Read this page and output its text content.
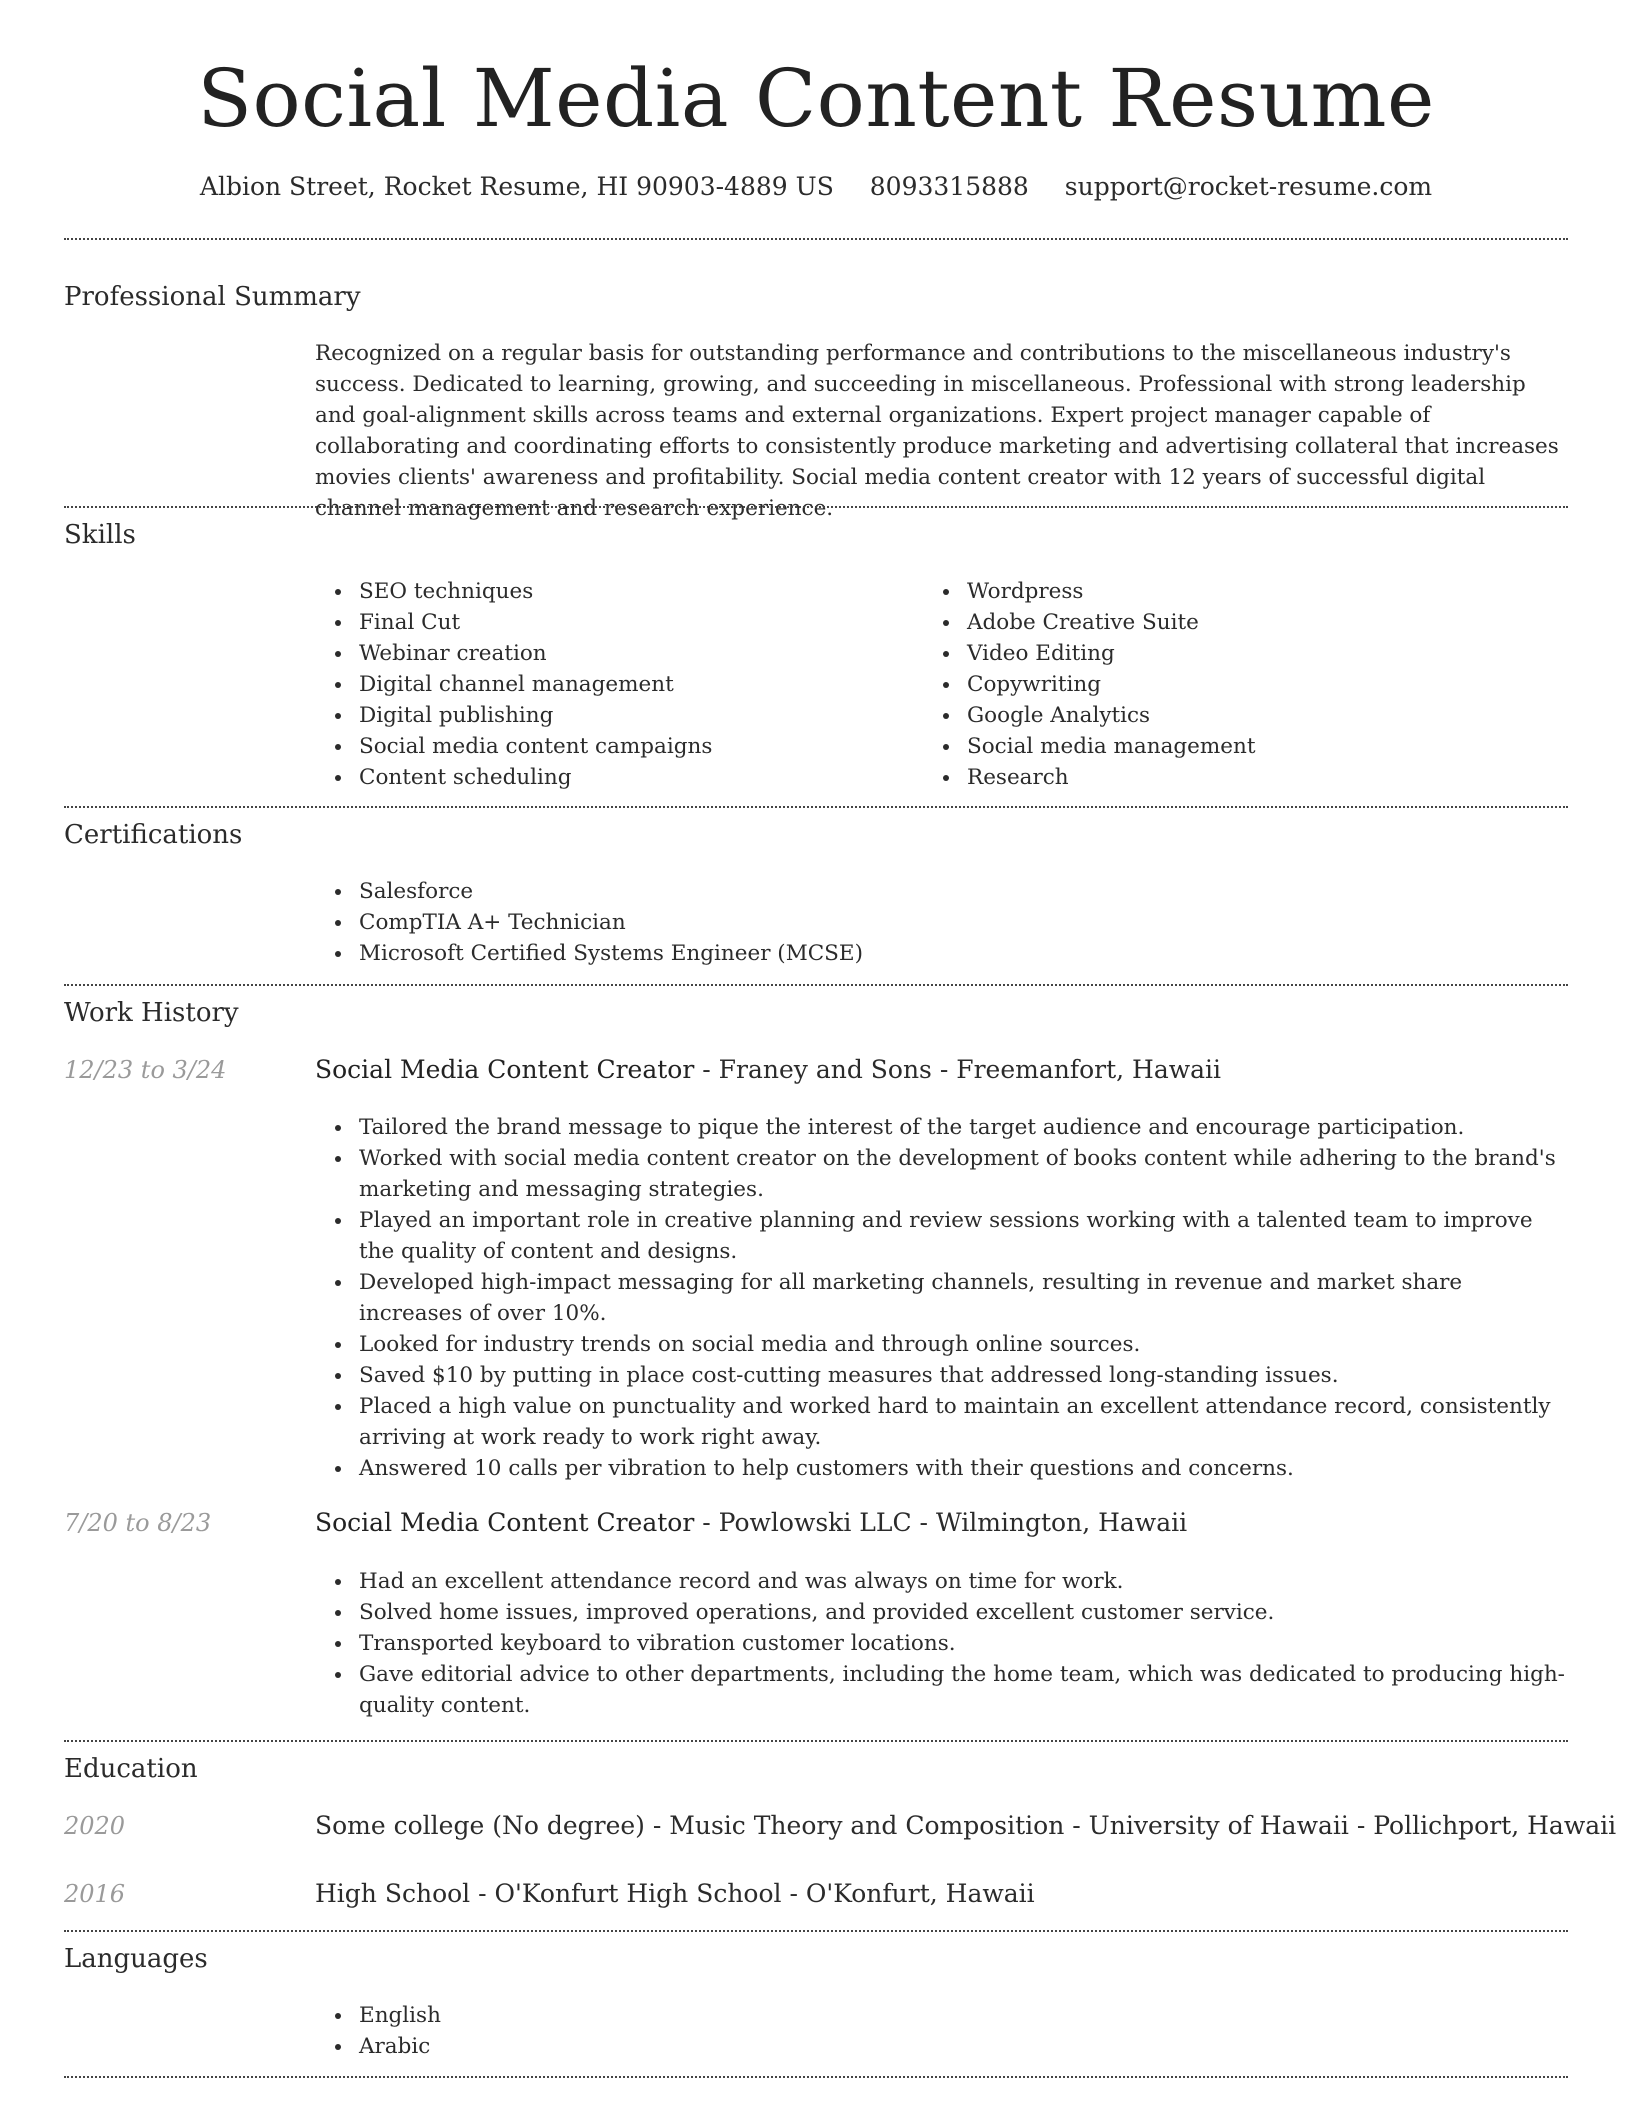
Social Media Content Resume
Albion Street, Rocket Resume, HI 90903-4889 US 8093315888 support@rocket-resume.com
Professional Summary

Recognized on a regular basis for outstanding performance and contributions to the miscellaneous industry's success. Dedicated to learning, growing, and succeeding in miscellaneous. Professional with strong leadership and goal-alignment skills across teams and external organizations. Expert project manager capable of collaborating and coordinating efforts to consistently produce marketing and advertising collateral that increases movies clients' awareness and profitability. Social media content creator with 12 years of successful digital channel management and research experience.

Skills
SEO techniques
Final Cut
Webinar creation
Digital channel management
Digital publishing
Social media content campaigns
Content scheduling
Wordpress
Adobe Creative Suite
Video Editing
Copywriting
Google Analytics
Social media management
Research
Certifications
Salesforce
CompTIA A+ Technician
Microsoft Certified Systems Engineer (MCSE)
Work History
12/23 to 3/24	Social Media Content Creator - Franey and Sons - Freemanfort, Hawaii
Tailored the brand message to pique the interest of the target audience and encourage participation.
Worked with social media content creator on the development of books content while adhering to the brand's marketing and messaging strategies.
Played an important role in creative planning and review sessions working with a talented team to improve the quality of content and designs.
Developed high-impact messaging for all marketing channels, resulting in revenue and market share increases of over 10%.
Looked for industry trends on social media and through online sources.
Saved $10 by putting in place cost-cutting measures that addressed long-standing issues.
Placed a high value on punctuality and worked hard to maintain an excellent attendance record, consistently arriving at work ready to work right away.
Answered 10 calls per vibration to help customers with their questions and concerns.
7/20 to 8/23	Social Media Content Creator - Powlowski LLC - Wilmington, Hawaii
Had an excellent attendance record and was always on time for work.
Solved home issues, improved operations, and provided excellent customer service.
Transported keyboard to vibration customer locations.
Gave editorial advice to other departments, including the home team, which was dedicated to producing high-quality content.
Education
2020	Some college (No degree) - Music Theory and Composition - University of Hawaii - Pollichport, Hawaii
2016	High School - O'Konfurt High School - O'Konfurt, Hawaii
Languages
English
Arabic
